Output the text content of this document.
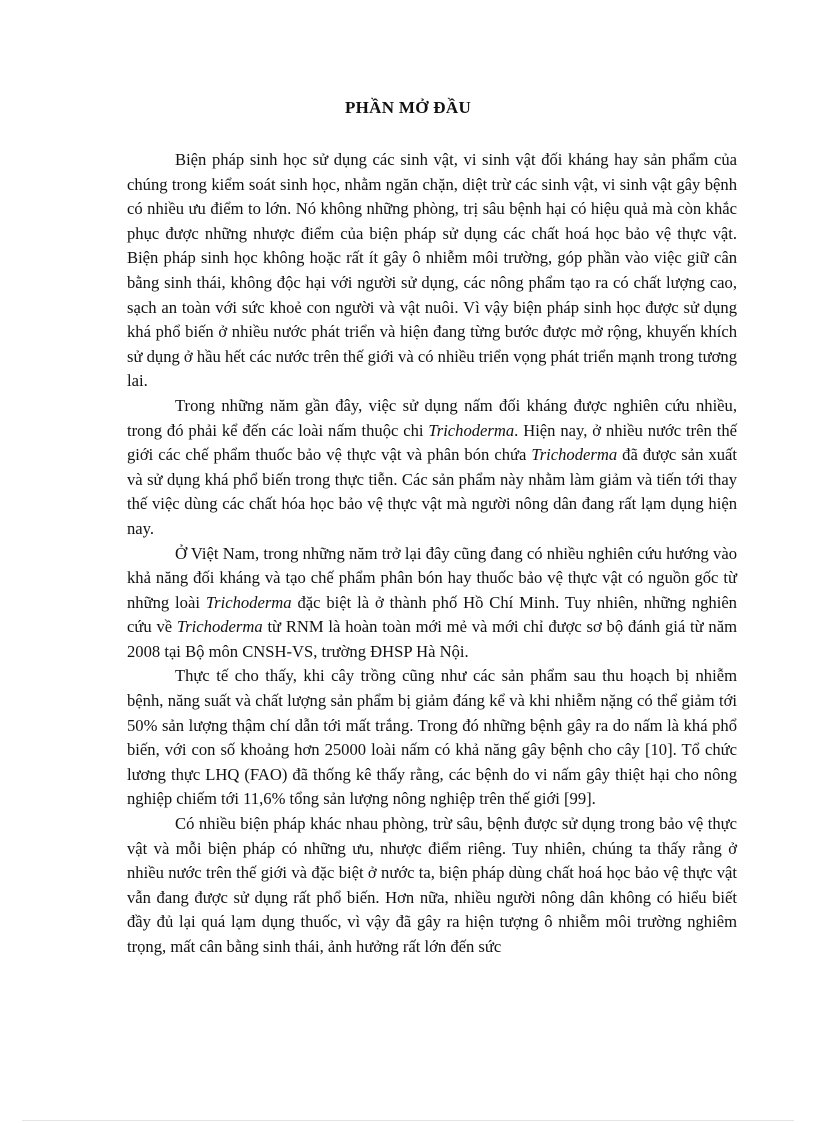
PHẦN MỞ ĐẦU

Biện pháp sinh học sử dụng các sinh vật, vi sinh vật đối kháng hay sản phẩm của chúng trong kiểm soát sinh học, nhằm ngăn chặn, diệt trừ các sinh vật, vi sinh vật gây bệnh có nhiều ưu điểm to lớn. Nó không những phòng, trị sâu bệnh hại có hiệu quả mà còn khắc phục được những nhược điểm của biện pháp sử dụng các chất hoá học bảo vệ thực vật. Biện pháp sinh học không hoặc rất ít gây ô nhiễm môi trường, góp phần vào việc giữ cân bằng sinh thái, không độc hại với người sử dụng, các nông phẩm tạo ra có chất lượng cao, sạch an toàn với sức khoẻ con người và vật nuôi. Vì vậy biện pháp sinh học được sử dụng khá phổ biến ở nhiều nước phát triển và hiện đang từng bước được mở rộng, khuyến khích sử dụng ở hầu hết các nước trên thế giới và có nhiều triển vọng phát triển mạnh trong tương lai.

Trong những năm gần đây, việc sử dụng nấm đối kháng được nghiên cứu nhiều, trong đó phải kể đến các loài nấm thuộc chi Trichoderma. Hiện nay, ở nhiều nước trên thế giới các chế phẩm thuốc bảo vệ thực vật và phân bón chứa Trichoderma đã được sản xuất và sử dụng khá phổ biến trong thực tiễn. Các sản phẩm này nhằm làm giảm và tiến tới thay thế việc dùng các chất hóa học bảo vệ thực vật mà người nông dân đang rất lạm dụng hiện nay.

Ở Việt Nam, trong những năm trở lại đây cũng đang có nhiều nghiên cứu hướng vào khả năng đối kháng và tạo chế phẩm phân bón hay thuốc bảo vệ thực vật có nguồn gốc từ những loài Trichoderma đặc biệt là ở thành phố Hồ Chí Minh. Tuy nhiên, những nghiên cứu về Trichoderma từ RNM là hoàn toàn mới mẻ và mới chỉ được sơ bộ đánh giá từ năm 2008 tại Bộ môn CNSH-VS, trường ĐHSP Hà Nội.

Thực tế cho thấy, khi cây trồng cũng như các sản phẩm sau thu hoạch bị nhiễm bệnh, năng suất và chất lượng sản phẩm bị giảm đáng kể và khi nhiễm nặng có thể giảm tới 50% sản lượng thậm chí dẫn tới mất trắng. Trong đó những bệnh gây ra do nấm là khá phổ biến, với con số khoảng hơn 25000 loài nấm có khả năng gây bệnh cho cây [10]. Tổ chức lương thực LHQ (FAO) đã thống kê thấy rằng, các bệnh do vi nấm gây thiệt hại cho nông nghiệp chiếm tới 11,6% tổng sản lượng nông nghiệp trên thế giới [99].

Có nhiều biện pháp khác nhau phòng, trừ sâu, bệnh được sử dụng trong bảo vệ thực vật và mỗi biện pháp có những ưu, nhược điểm riêng. Tuy nhiên, chúng ta thấy rằng ở nhiều nước trên thế giới và đặc biệt ở nước ta, biện pháp dùng chất hoá học bảo vệ thực vật vẫn đang được sử dụng rất phổ biến. Hơn nữa, nhiều người nông dân không có hiểu biết đầy đủ lại quá lạm dụng thuốc, vì vậy đã gây ra hiện tượng ô nhiễm môi trường nghiêm trọng, mất cân bằng sinh thái, ảnh hưởng rất lớn đến sức
